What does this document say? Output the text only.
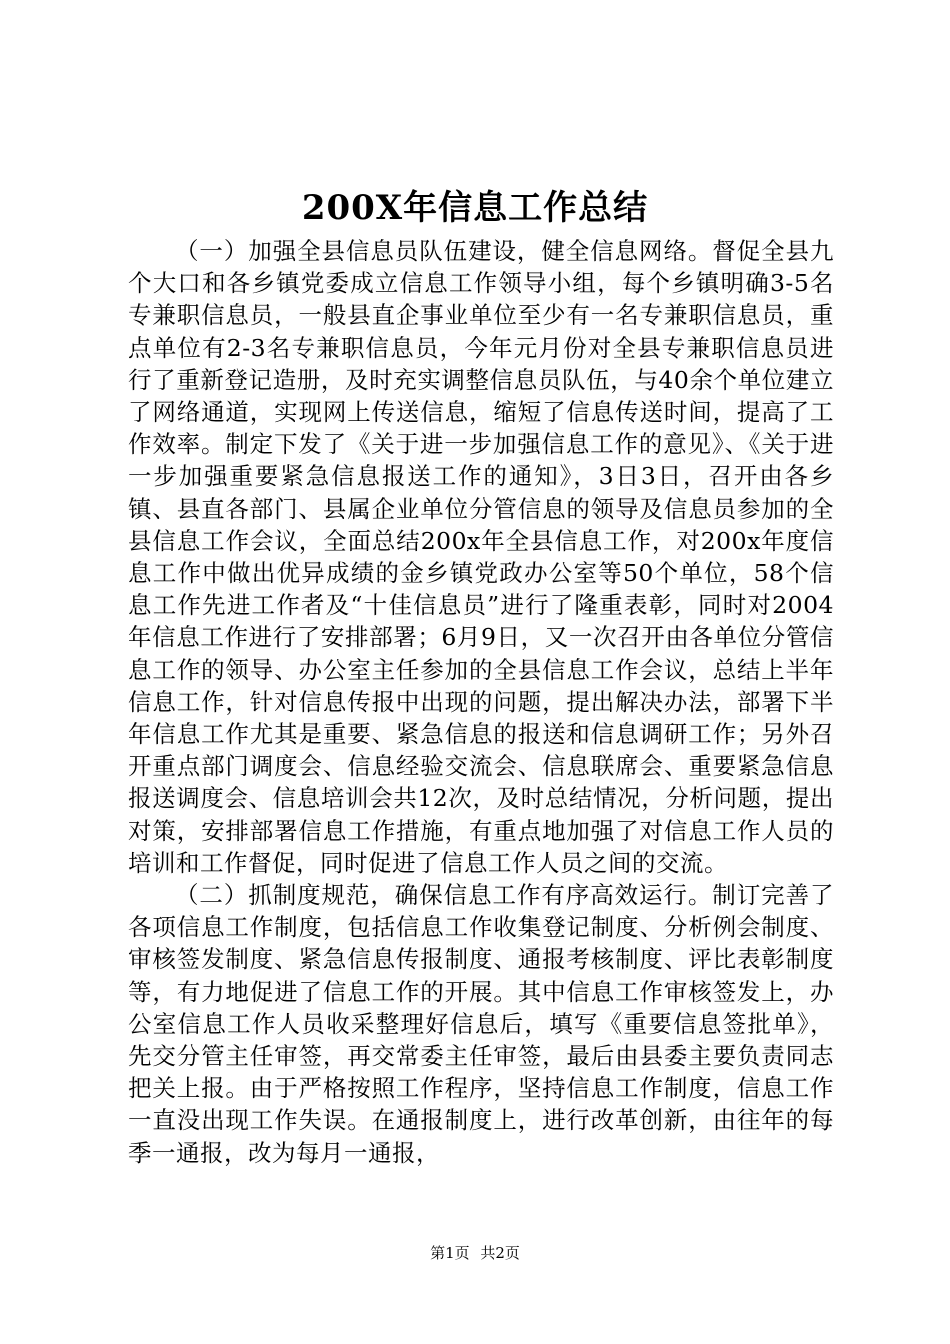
200X年信息工作总结

（一）加强全县信息员队伍建设，健全信息网络。督促全县九个大口和各乡镇党委成立信息工作领导小组，每个乡镇明确3-5名专兼职信息员，一般县直企事业单位至少有一名专兼职信息员，重点单位有2-3名专兼职信息员，今年元月份对全县专兼职信息员进行了重新登记造册，及时充实调整信息员队伍，与40余个单位建立了网络通道，实现网上传送信息，缩短了信息传送时间，提高了工作效率。制定下发了《关于进一步加强信息工作的意见》、《关于进一步加强重要紧急信息报送工作的通知》，3日3日，召开由各乡镇、县直各部门、县属企业单位分管信息的领导及信息员参加的全县信息工作会议，全面总结200x年全县信息工作，对200x年度信息工作中做出优异成绩的金乡镇党政办公室等50个单位，58个信息工作先进工作者及“十佳信息员”进行了隆重表彰，同时对2004年信息工作进行了安排部署；6月9日，又一次召开由各单位分管信息工作的领导、办公室主任参加的全县信息工作会议，总结上半年信息工作，针对信息传报中出现的问题，提出解决办法，部署下半年信息工作尤其是重要、紧急信息的报送和信息调研工作；另外召开重点部门调度会、信息经验交流会、信息联席会、重要紧急信息报送调度会、信息培训会共12次，及时总结情况，分析问题，提出对策，安排部署信息工作措施，有重点地加强了对信息工作人员的培训和工作督促，同时促进了信息工作人员之间的交流。

（二）抓制度规范，确保信息工作有序高效运行。制订完善了各项信息工作制度，包括信息工作收集登记制度、分析例会制度、审核签发制度、紧急信息传报制度、通报考核制度、评比表彰制度等，有力地促进了信息工作的开展。其中信息工作审核签发上，办公室信息工作人员收采整理好信息后，填写《重要信息签批单》，先交分管主任审签，再交常委主任审签，最后由县委主要负责同志把关上报。由于严格按照工作程序，坚持信息工作制度，信息工作一直没出现工作失误。在通报制度上，进行改革创新，由往年的每季一通报，改为每月一通报，

第1页 共2页
